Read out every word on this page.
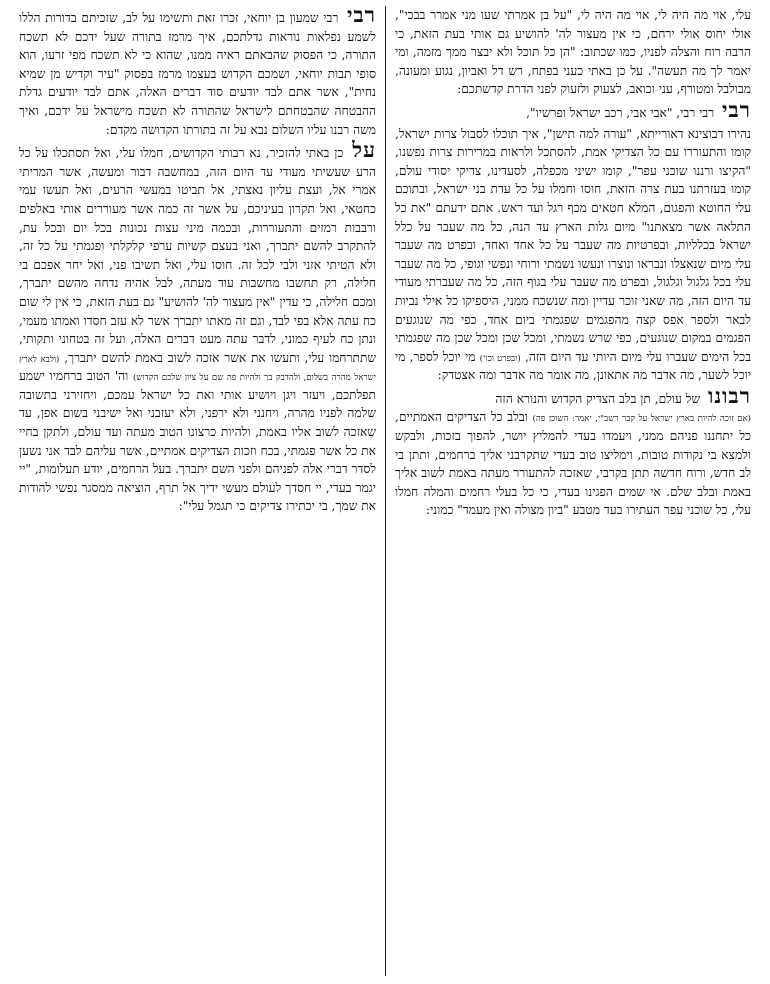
עלי, אוי מה היה לי, אוי מה היה לי, "על בן אמרתי שעו מני אמרר בבכי", אולי יחוס אולי ירחם, כי אין מעצור לה' להושיע גם אותי בעת הזאת, כי הרבה רוח והצלה לפניו, כמו שכתוב: "הן כל תוכל ולא יבצר ממך מזמה, ומי יאמר לך מה תעשה". על כן באתי כעני בפתח, רש דל ואביון, נגוע ומעונה, מבולבל ומטורף, עני וכואב, לצעוק ולזעוק לפני הדרת קדשתכם:

רבי רבי רבי, "אבי אבי, רכב ישראל ופרשיו",

נהירו דבוצינא דאורייתא, "עורה למה תישן", איך תוכלו לסבול צרות ישראל, קומו והתעוררו עם כל הצדיקי אמת, להסתכל ולראות במרירות צרות נפשנו, "הקיצו ורננו שוכני עפר", קומו ישיני מכפלה, לסעדינו, צדיקי יסודי עולם, קומו בעזרתנו בעת צרה הזאת, חוסו וחמלו על כל עדת בני ישראל, ובתוכם עלי החוטא והפגום, המלא חטאים מכף רגל ועד ראש. אתם ידעתם "את כל התלאה אשר מצאתנו" מיום גלות הארץ עד הנה, כל מה שעבר על כלל ישראל בכלליות, ובפרטיות מה שעבר על כל אחד ואחד, ובפרט מה שעבר עלי מיום שנאצלו ונבראו ונוצרו ונעשו נשמתי ורוחי ונפשי וגופי, כל מה שעבר עלי בכל גלגול וגלגול, ובפרט מה שעבר עלי בגוף הזה, כל מה שעברתי מעודי עד היום הזה, מה שאני זוכר עדיין ומה שנשכח ממני, היספיקו כל אילי נביות לבאר ולספר אפס קצה מהפגמים שפגמתי ביום אחד, כפי מה שנוגעים הפגמים במקום שנוגעים, כפי שרש נשמתי, ומכל שכן ומכל שכן מה שפגמתי בכל הימים שעברו עלי מיום היותי עד היום הזה, (ובפרט וכו') מי יוכל לספר, מי יוכל לשער, מה אדבר מה אתאונן, מה אומר מה אדבר ומה אצטדק:

רבונו של עולם, תן בלב הצדיק הקדוש והנורא הזה
(אם זוכה להיות בארץ ישראל על קבר רשב"י, יאמר: השוכן פה) ובלב כל הצדיקים האמתיים, כל יתחננו פניהם ממני, ויעמדו בעדי להמליץ יושר, להפוך בזכות, ולבקש ולמצא בי נקודות טובות, וימליצו טוב בעדי שתקרבני אליך ברחמים, ותתן בי לב חדש, ורוח חדשה תתן בקרבי, שאזכה להתעורר מעתה באמת לשוב אליך באמת ובלב שלם. אי שמים הפגינו בעדי, כי כל בעלי רחמים והמלה חמלו עלי, כל שוכני עפר העתירו בעד מטבע "ביון מצולה ואין מעמד" כמוני:

רבי רבי שמעון בן יוחאי, זכרו זאת ותשימו על לב, שזכיתם בדורות הללו לשמע נפלאות נוראות גדלתכם, איך מרמז בתורה שעל ידכם לא תשכח התורה, כי הפסוק שהבאתם ראיה ממנו, שהוא כי לא תשכח מפי זרעו, הוא סופי תבות יוחאי, ושמכם הקדוש בעצמו מרמז בפסוק "עיר וקדיש מן שמיא נחית", אשר אתם לבד יודעים סוד דברים האלה, אתם לבד יודעים גדלת ההבטחה שהבטחתם לישראל שהתורה לא תשכח מישראל על ידכם, ואיך משה רבנו עליו השלום נבא על זה בתורתו הקדושה מקדם:

על כן באתי להזכיר, נא רבותי הקדושים, חמלו עלי, ואל תסתכלו על כל הרע שעשיתי מעודי עד היום הזה, במחשבה דבור ומעשה, אשר המריתי אמרי אל, ועצת עליון נאצתי, אל תביטו במעשי הרעים, ואל תעשו עמי כחטאי, ואל תקרון בעיניכם, על אשר זה כמה אשר מעוררים אותי באלפים ורבבות רמזים והתעוררות, ובכמה מיני עצות נכונות בכל יום ובכל עת, להתקרב להשם יתברך, ואני בעצם קשיות ערפי קלקלתי ופגמתי על כל זה, ולא הטיתי אזני ולבי לכל זה. חוסו עלי, ואל תשיבו פני, ואל יחר אפכם בי חלילה, רק תחשבו מחשבות עוד מעתה, לבל אהיה נדחה מהשם יתברך, ומכם חלילה, כי עדין "אין מעצור לה' להושיע" גם בעת הזאת, כי אין לי שום כח עתה אלא בפי לבד, וגם זה מאתו יתברך אשר לא עזב חסדו ואמתו מעמי, ונתן כח לעיף כמוני, לדבר עתה מעט דברים האלה, ועל זה בטחוני ותקותי, שתתרחמו עלי, ותעשו את אשר אזכה לשוב באמת להשם יתברך, (ולבא לארץ ישראל מהרה בשלום, ולהדבק בך ולהיות פה שם על ציון שלכם הקדוש) וה' הטוב ברחמיו ישמע תפלתכם, ויעזר ויגן ויושיע אותי ואת כל ישראל עמכם, ויחזירני בתשובה שלמה לפניו מהרה, ויחנני ולא ירפני, ולא יעזבני ואל ישיבני בשום אפן, עד שאזכה לשוב אליו באמת, ולהיות כרצונו הטוב מעתה ועד עולם, ולתקן בחיי את כל אשר פגמתי, בכח וזכות הצדיקים אמתיים, אשר עליהם לבד אני נשען לסדר דברי אלה לפניהם ולפני השם יתברך. בעל הרחמים, יודע תעלומות, "יי יגמר בעדי, יי חסדך לעולם מעשי ידיך אל תרף, הוציאה ממסגר נפשי להודות את שמך, בי יכתירו צדיקים כי תגמל עלי":
